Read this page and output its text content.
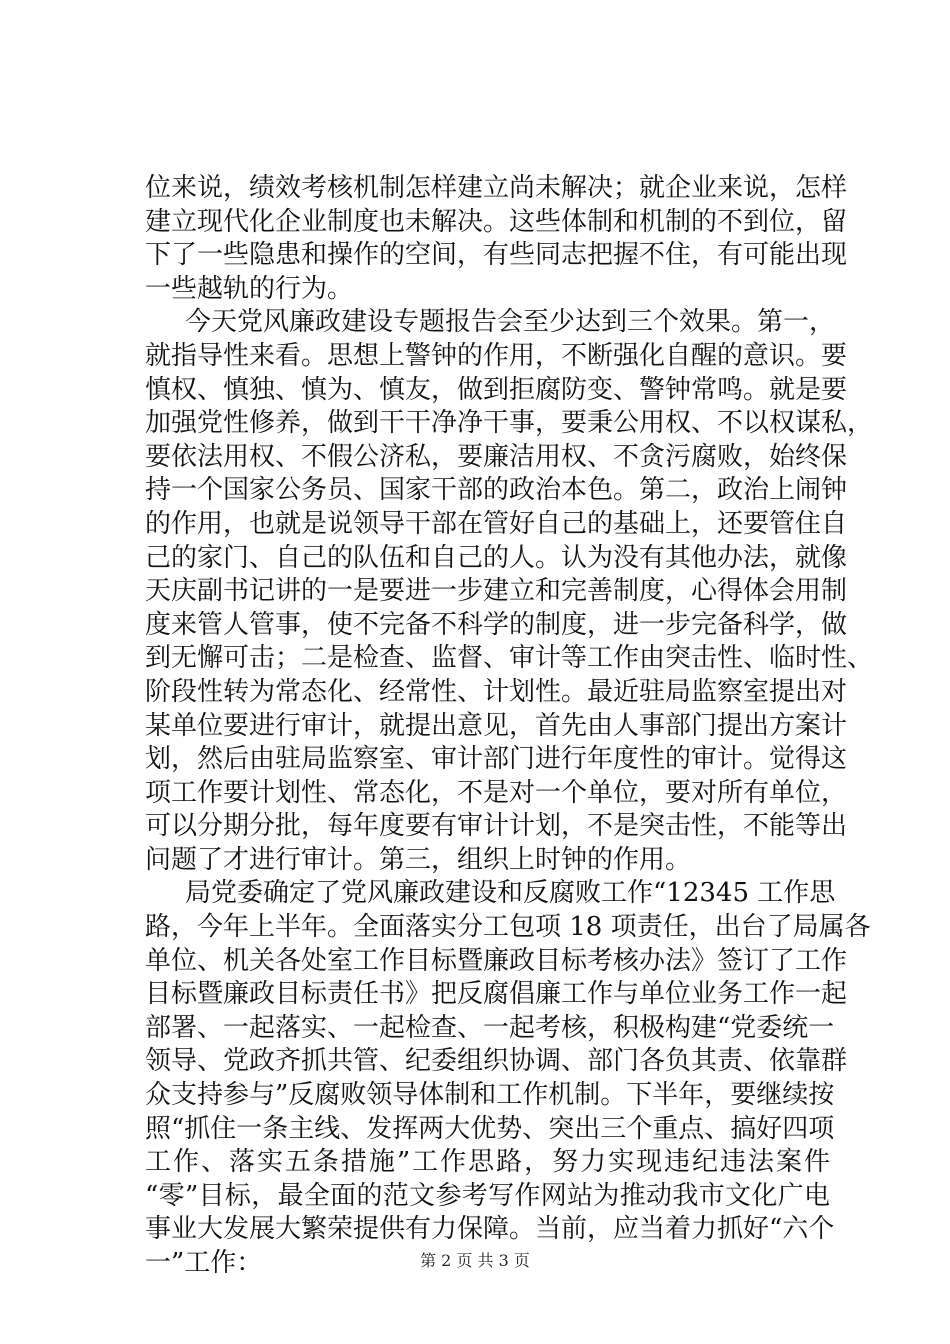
位来说，绩效考核机制怎样建立尚未解决；就企业来说，怎样
建立现代化企业制度也未解决。这些体制和机制的不到位，留
下了一些隐患和操作的空间，有些同志把握不住，有可能出现
一些越轨的行为。
今天党风廉政建设专题报告会至少达到三个效果。第一，
就指导性来看。思想上警钟的作用，不断强化自醒的意识。要
慎权、慎独、慎为、慎友，做到拒腐防变、警钟常鸣。就是要
加强党性修养，做到干干净净干事，要秉公用权、不以权谋私，
要依法用权、不假公济私，要廉洁用权、不贪污腐败，始终保
持一个国家公务员、国家干部的政治本色。第二，政治上闹钟
的作用，也就是说领导干部在管好自己的基础上，还要管住自
己的家门、自己的队伍和自己的人。认为没有其他办法，就像
天庆副书记讲的一是要进一步建立和完善制度，心得体会用制
度来管人管事，使不完备不科学的制度，进一步完备科学，做
到无懈可击；二是检查、监督、审计等工作由突击性、临时性、
阶段性转为常态化、经常性、计划性。最近驻局监察室提出对
某单位要进行审计，就提出意见，首先由人事部门提出方案计
划，然后由驻局监察室、审计部门进行年度性的审计。觉得这
项工作要计划性、常态化，不是对一个单位，要对所有单位，
可以分期分批，每年度要有审计计划，不是突击性，不能等出
问题了才进行审计。第三，组织上时钟的作用。
局党委确定了党风廉政建设和反腐败工作“12345 工作思
路，今年上半年。全面落实分工包项 18 项责任，出台了局属各
单位、机关各处室工作目标暨廉政目标考核办法》签订了工作
目标暨廉政目标责任书》把反腐倡廉工作与单位业务工作一起
部署、一起落实、一起检查、一起考核，积极构建“党委统一
领导、党政齐抓共管、纪委组织协调、部门各负其责、依靠群
众支持参与”反腐败领导体制和工作机制。下半年，要继续按
照“抓住一条主线、发挥两大优势、突出三个重点、搞好四项
工作、落实五条措施”工作思路，努力实现违纪违法案件
“零”目标，最全面的范文参考写作网站为推动我市文化广电
事业大发展大繁荣提供有力保障。当前，应当着力抓好“六个
一”工作：	第 2 页 共 3 页
